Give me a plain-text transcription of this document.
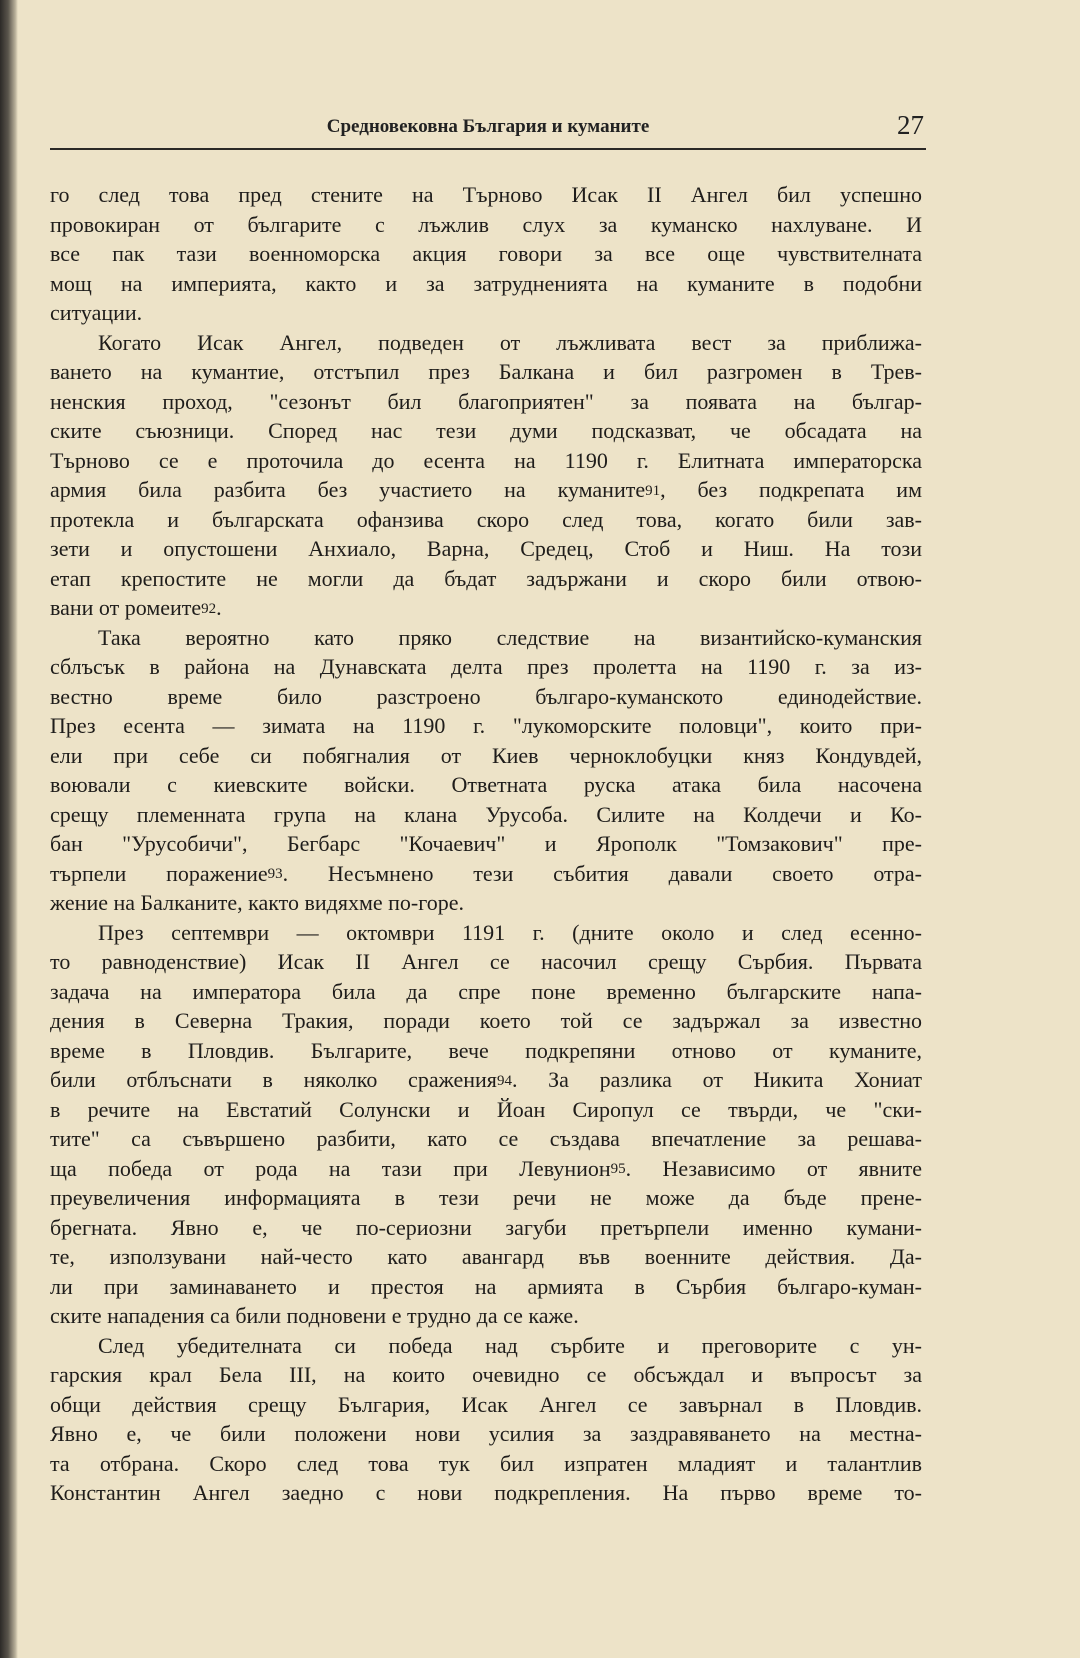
Средновековна България и куманите	27
го след това пред стените на Търново Исак II Ангел бил успешно
провокиран от българите с лъжлив слух за куманско нахлуване. И
все пак тази военноморска акция говори за все още чувствителната
мощ на империята, както и за затрудненията на куманите в подобни
ситуации.
Когато Исак Ангел, подведен от лъжливата вест за приближа-
ването на кумантие, отстъпил през Балкана и бил разгромен в Трев-
ненския проход, "сезонът бил благоприятен" за появата на българ-
ските съюзници. Според нас тези думи подсказват, че обсадата на
Търново се е проточила до есента на 1190 г. Елитната императорска
армия била разбита без участието на куманите$^{91}$, без подкрепата им
протекла и българската офанзива скоро след това, когато били зав-
зети и опустошени Анхиало, Варна, Средец, Стоб и Ниш. На този
етап крепостите не могли да бъдат задържани и скоро били отвою-
вани от ромеите$^{92}$.
Така вероятно като пряко следствие на византийско-куманския
сблъсък в района на Дунавската делта през пролетта на 1190 г. за из-
вестно време било разстроено българо-куманското единодействие.
През есента — зимата на 1190 г. "лукоморските половци", които при-
ели при себе си побягналия от Киев черноклобуцки княз Кондувдей,
воювали с киевските войски. Ответната руска атака била насочена
срещу племенната група на клана Урусоба. Силите на Колдечи и Ко-
бан "Урусобичи", Бегбарс "Кочаевич" и Ярополк "Томзакович" пре-
търпели поражение$^{93}$. Несъмнено тези събития давали своето отра-
жение на Балканите, както видяхме по-горе.
През септември — октомври 1191 г. (дните около и след есенно-
то равноденствие) Исак II Ангел се насочил срещу Сърбия. Първата
задача на императора била да спре поне временно българските напа-
дения в Северна Тракия, поради което той се задържал за известно
време в Пловдив. Българите, вече подкрепяни отново от куманите,
били отблъснати в няколко сражения$^{94}$. За разлика от Никита Хониат
в речите на Евстатий Солунски и Йоан Сиропул се твърди, че "ски-
тите" са съвършено разбити, като се създава впечатление за решава-
ща победа от рода на тази при Левунион$^{95}$. Независимо от явните
преувеличения информацията в тези речи не може да бъде прене-
брегната. Явно е, че по-сериозни загуби претърпели именно кумани-
те, използувани най-често като авангард във военните действия. Да-
ли при заминаването и престоя на армията в Сърбия българо-куман-
ските нападения са били подновени е трудно да се каже.
След убедителната си победа над сърбите и преговорите с ун-
гарския крал Бела III, на които очевидно се обсъждал и въпросът за
общи действия срещу България, Исак Ангел се завърнал в Пловдив.
Явно е, че били положени нови усилия за заздравяването на местна-
та отбрана. Скоро след това тук бил изпратен младият и талантлив
Константин Ангел заедно с нови подкрепления. На първо време то-
